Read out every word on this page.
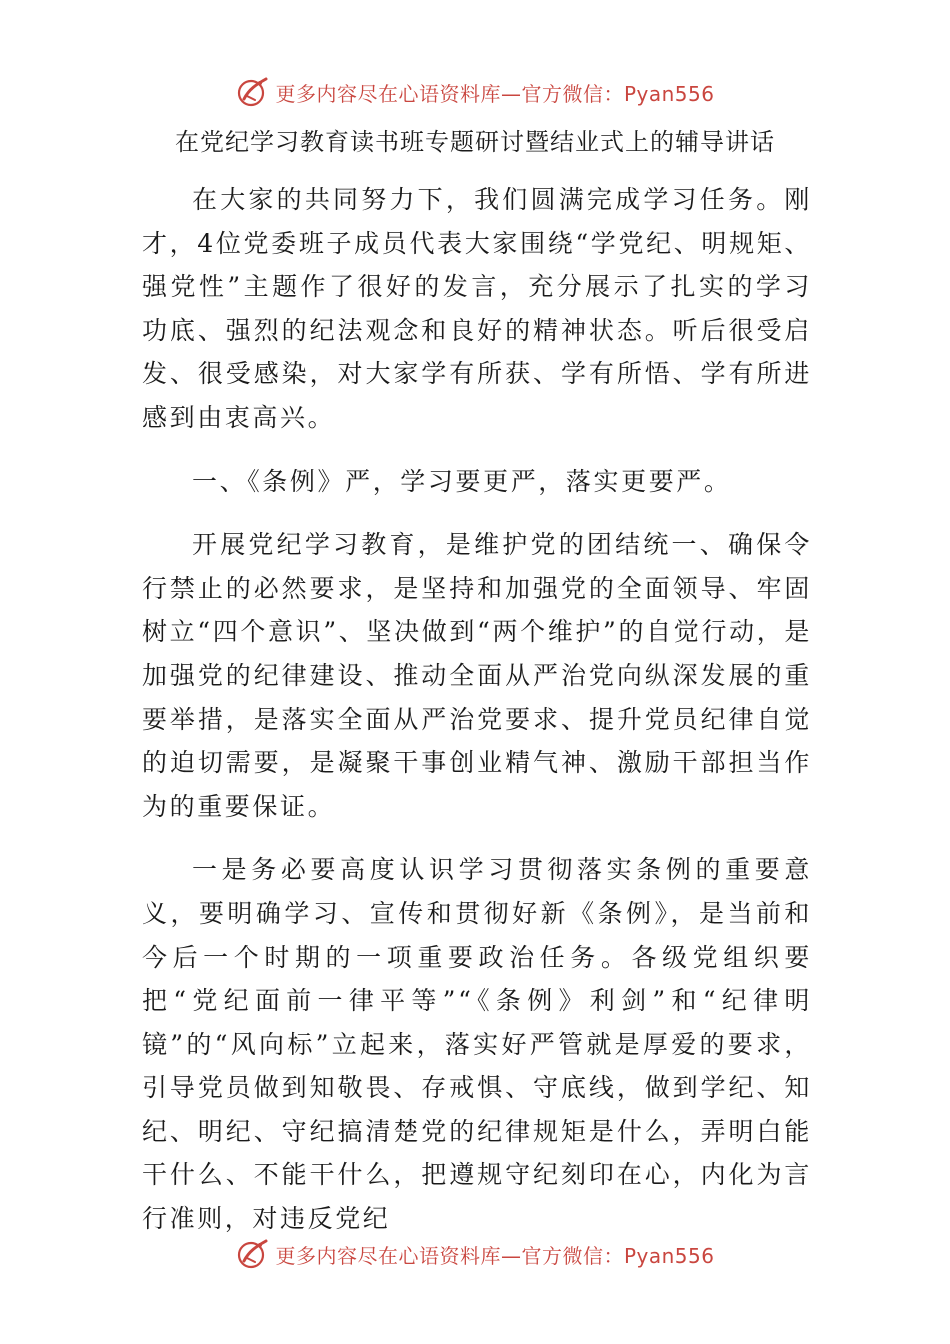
更多内容尽在心语资料库—官方微信：Pyan556
在党纪学习教育读书班专题研讨暨结业式上的辅导讲话

在大家的共同努力下，我们圆满完成学习任务。刚才，4位党委班子成员代表大家围绕“学党纪、明规矩、强党性”主题作了很好的发言，充分展示了扎实的学习功底、强烈的纪法观念和良好的精神状态。听后很受启发、很受感染，对大家学有所获、学有所悟、学有所进感到由衷高兴。

一、《条例》严，学习要更严，落实更要严。

开展党纪学习教育，是维护党的团结统一、确保令行禁止的必然要求，是坚持和加强党的全面领导、牢固树立“四个意识”、坚决做到“两个维护”的自觉行动，是加强党的纪律建设、推动全面从严治党向纵深发展的重要举措，是落实全面从严治党要求、提升党员纪律自觉的迫切需要，是凝聚干事创业精气神、激励干部担当作为的重要保证。

一是务必要高度认识学习贯彻落实条例的重要意义，要明确学习、宣传和贯彻好新《条例》，是当前和今后一个时期的一项重要政治任务。各级党组织要把“党纪面前一律平等”“《条例》利剑”和“纪律明镜”的“风向标”立起来，落实好严管就是厚爱的要求，引导党员做到知敬畏、存戒惧、守底线，做到学纪、知纪、明纪、守纪搞清楚党的纪律规矩是什么，弄明白能干什么、不能干什么，把遵规守纪刻印在心，内化为言行准则，对违反党纪

更多内容尽在心语资料库—官方微信：Pyan556
